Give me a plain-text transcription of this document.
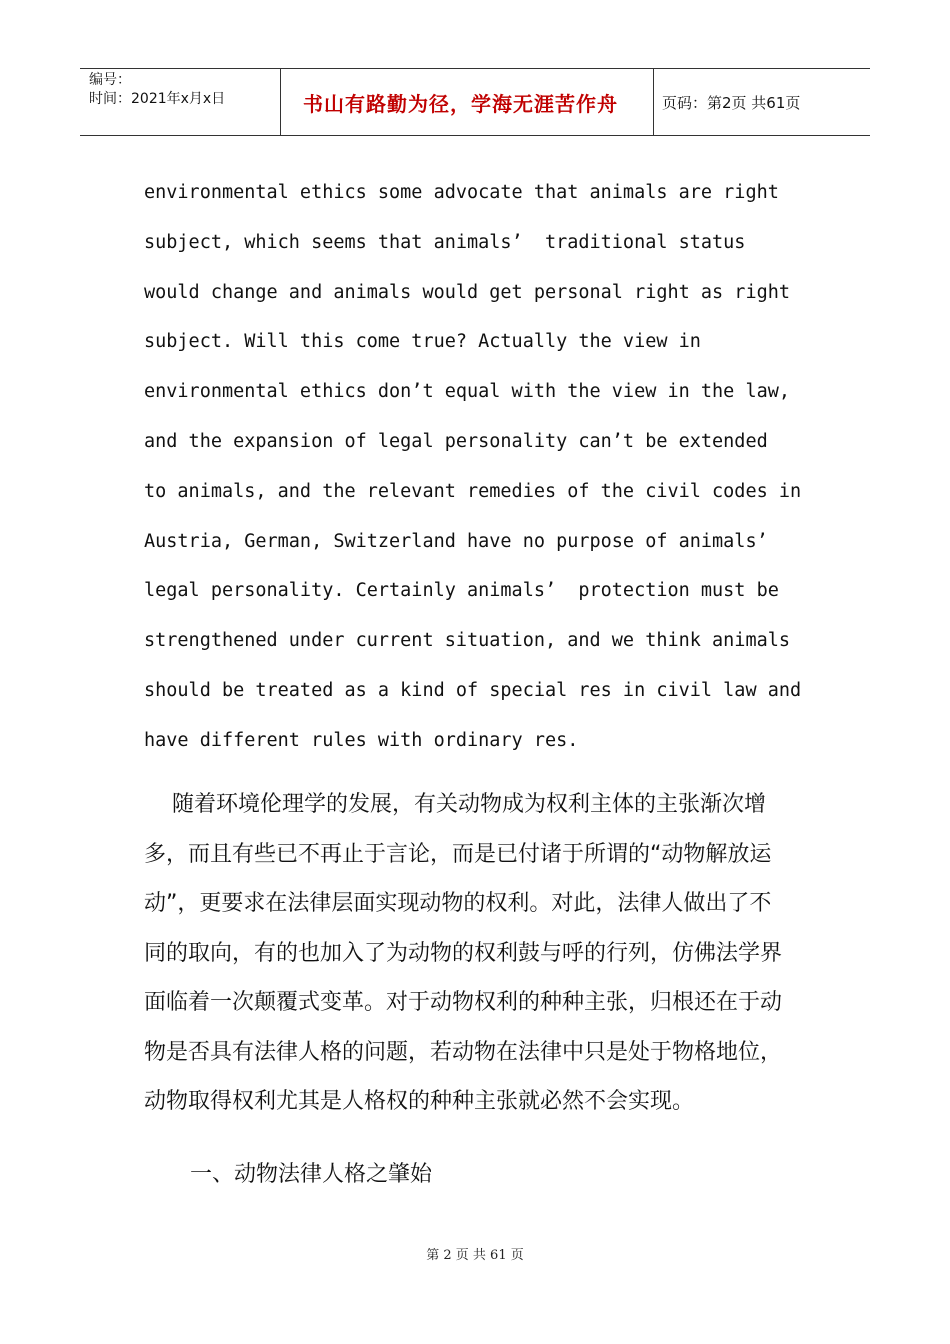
编号：
时间：2021年x月x日	书山有路勤为径，学海无涯苦作舟	页码：第2页 共61页
environmental ethics some advocate that animals are right
subject, which seems that animals’  traditional status
would change and animals would get personal right as right
subject. Will this come true? Actually the view in
environmental ethics don’t equal with the view in the law,
and the expansion of legal personality can’t be extended
to animals, and the relevant remedies of the civil codes in
Austria, German, Switzerland have no purpose of animals’
legal personality. Certainly animals’  protection must be
strengthened under current situation, and we think animals
should be treated as a kind of special res in civil law and
have different rules with ordinary res.
随着环境伦理学的发展，有关动物成为权利主体的主张渐次增
多，而且有些已不再止于言论，而是已付诸于所谓的“动物解放运
动”，更要求在法律层面实现动物的权利。对此，法律人做出了不
同的取向，有的也加入了为动物的权利鼓与呼的行列，仿佛法学界
面临着一次颠覆式变革。对于动物权利的种种主张，归根还在于动
物是否具有法律人格的问题，若动物在法律中只是处于物格地位，
动物取得权利尤其是人格权的种种主张就必然不会实现。
一、动物法律人格之肇始
第 2 页 共 61 页
